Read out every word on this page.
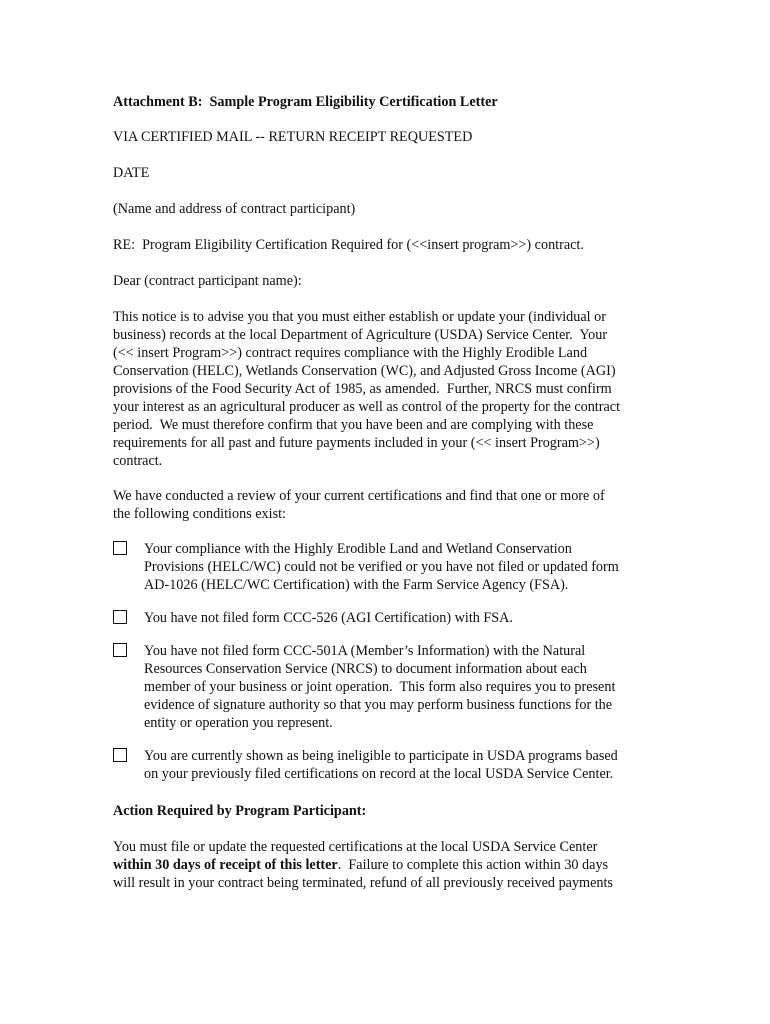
Attachment B:  Sample Program Eligibility Certification Letter
VIA CERTIFIED MAIL -- RETURN RECEIPT REQUESTED
DATE
(Name and address of contract participant)
RE:  Program Eligibility Certification Required for (<<insert program>>) contract.
Dear (contract participant name):
This notice is to advise you that you must either establish or update your (individual or
business) records at the local Department of Agriculture (USDA) Service Center.  Your
(<< insert Program>>) contract requires compliance with the Highly Erodible Land
Conservation (HELC), Wetlands Conservation (WC), and Adjusted Gross Income (AGI)
provisions of the Food Security Act of 1985, as amended.  Further, NRCS must confirm
your interest as an agricultural producer as well as control of the property for the contract
period.  We must therefore confirm that you have been and are complying with these
requirements for all past and future payments included in your (<< insert Program>>)
contract.
We have conducted a review of your current certifications and find that one or more of
the following conditions exist:
Your compliance with the Highly Erodible Land and Wetland Conservation
Provisions (HELC/WC) could not be verified or you have not filed or updated form
AD-1026 (HELC/WC Certification) with the Farm Service Agency (FSA).
You have not filed form CCC-526 (AGI Certification) with FSA.
You have not filed form CCC-501A (Member’s Information) with the Natural
Resources Conservation Service (NRCS) to document information about each
member of your business or joint operation.  This form also requires you to present
evidence of signature authority so that you may perform business functions for the
entity or operation you represent.
You are currently shown as being ineligible to participate in USDA programs based
on your previously filed certifications on record at the local USDA Service Center.
Action Required by Program Participant:
You must file or update the requested certifications at the local USDA Service Center
within 30 days of receipt of this letter.  Failure to complete this action within 30 days
will result in your contract being terminated, refund of all previously received payments
